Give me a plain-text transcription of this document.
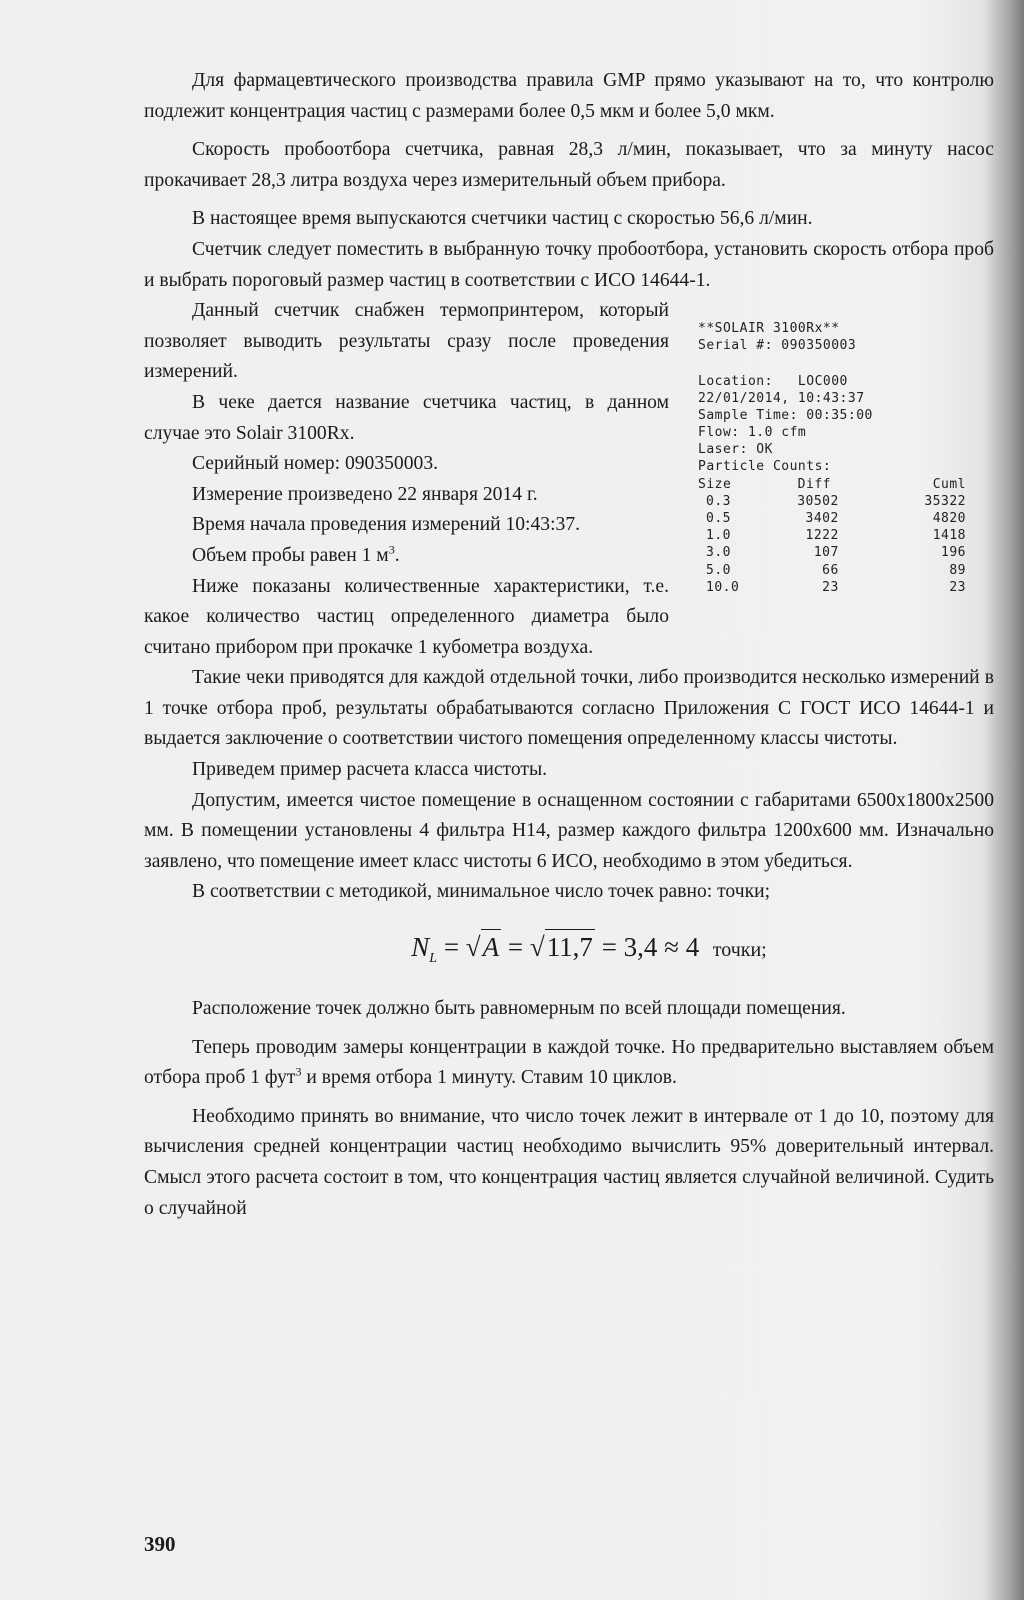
Для фармацевтического производства правила GMP прямо указывают на то, что контролю подлежит концентрация частиц с размерами более 0,5 мкм и более 5,0 мкм.

Скорость пробоотбора счетчика, равная 28,3 л/мин, показывает, что за минуту насос прокачивает 28,3 литра воздуха через измерительный объем прибора.

В настоящее время выпускаются счетчики частиц с скоростью 56,6 л/мин.

Счетчик следует поместить в выбранную точку пробоотбора, установить скорость отбора проб и выбрать пороговый размер частиц в соответствии с ИСО 14644-1.

Данный счетчик снабжен термопринтером, который позволяет выводить результаты сразу после проведения измерений.

В чеке дается название счетчика частиц, в данном случае это Solair 3100Rx.

Серийный номер: 090350003.

Измерение произведено 22 января 2014 г.

Время начала проведения измерений 10:43:37.

Объем пробы равен 1 $м^3$.

Ниже показаны количественные характеристики, т.е. какое количество частиц определенного диаметра было считано прибором при прокачке 1 кубометра воздуха.

**SOLAIR 3100Rx**
Serial #: 090350003
Location:   LOC000
22/01/2014, 10:43:37
Sample Time: 00:35:00
Flow: 1.0 cfm
Laser: OK
Particle Counts:
Size	Diff	Cuml
0.3	30502	35322
0.5	3402	4820
1.0	1222	1418
3.0	107	196
5.0	66	89
10.0	23	23

Такие чеки приводятся для каждой отдельной точки, либо производится несколько измерений в 1 точке отбора проб, результаты обрабатываются согласно Приложения С ГОСТ ИСО 14644-1 и выдается заключение о соответствии чистого помещения определенному классы чистоты.

Приведем пример расчета класса чистоты.

Допустим, имеется чистое помещение в оснащенном состоянии с габаритами 6500x1800x2500 мм. В помещении установлены 4 фильтра H14, размер каждого фильтра 1200x600 мм. Изначально заявлено, что помещение имеет класс чистоты 6 ИСО, необходимо в этом убедиться.

В соответствии с методикой, минимальное число точек равно: точки;

$N_L = √A = √11,7 = 3,4 \approx 4$ точки;

Расположение точек должно быть равномерным по всей площади помещения.

Теперь проводим замеры концентрации в каждой точке. Но предварительно выставляем объем отбора проб 1 фут$^3$ и время отбора 1 минуту. Ставим 10 циклов.

Необходимо принять во внимание, что число точек лежит в интервале от 1 до 10, поэтому для вычисления средней концентрации частиц необходимо вычислить 95% доверительный интервал. Смысл этого расчета состоит в том, что концентрация частиц является случайной величиной. Судить о случайной

390
